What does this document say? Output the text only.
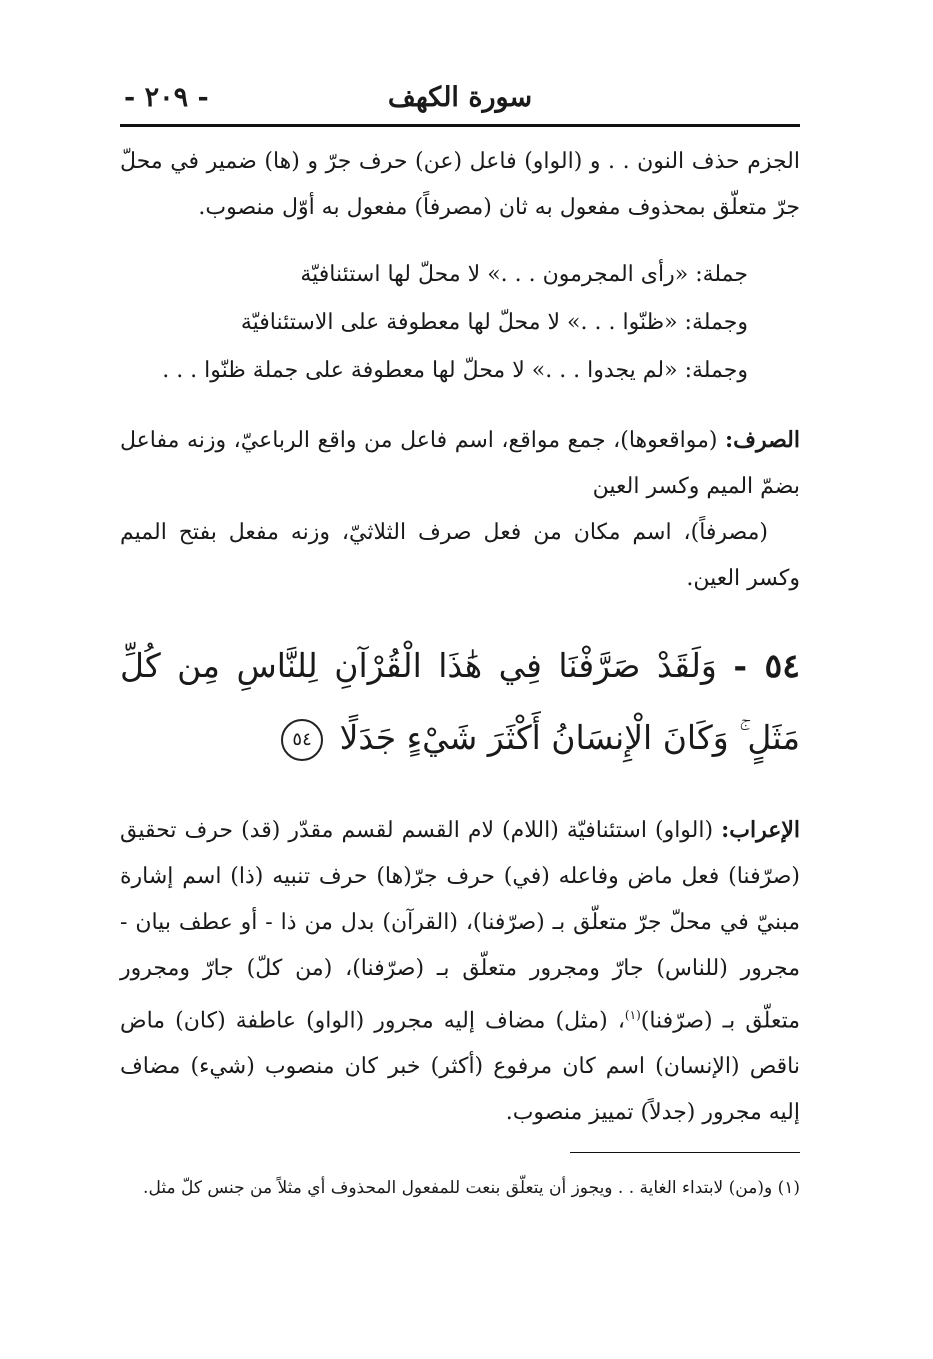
سورة الكهف
- ٢٠٩ -

الجزم حذف النون . . و (الواو) فاعل (عن) حرف جرّ و (ها) ضمير في محلّ جرّ متعلّق بمحذوف مفعول به ثان (مصرفاً) مفعول به أوّل منصوب.

جملة: «رأى المجرمون . . .» لا محلّ لها استئنافيّة
وجملة: «ظنّوا . . .» لا محلّ لها معطوفة على الاستئنافيّة
وجملة: «لم يجدوا . . .» لا محلّ لها معطوفة على جملة ظنّوا . . .

الصرف: (مواقعوها)، جمع مواقع، اسم فاعل من واقع الرباعيّ، وزنه مفاعل بضمّ الميم وكسر العين

(مصرفاً)، اسم مكان من فعل صرف الثلاثيّ، وزنه مفعل بفتح الميم وكسر العين.

٥٤ - وَلَقَدْ صَرَّفْنَا فِي هَٰذَا الْقُرْآنِ لِلنَّاسِ مِن كُلِّ مَثَلٍ ۚ وَكَانَ الْإِنسَانُ أَكْثَرَ شَيْءٍ جَدَلًا ٥٤

الإعراب: (الواو) استئنافيّة (اللام) لام القسم لقسم مقدّر (قد) حرف تحقيق (صرّفنا) فعل ماض وفاعله (في) حرف جرّ(ها) حرف تنبيه (ذا) اسم إشارة مبنيّ في محلّ جرّ متعلّق بـ (صرّفنا)، (القرآن) بدل من ذا - أو عطف بيان - مجرور (للناس) جارّ ومجرور متعلّق بـ (صرّفنا)، (من كلّ) جارّ ومجرور متعلّق بـ (صرّفنا)$^{(١)}$، (مثل) مضاف إليه مجرور (الواو) عاطفة (كان) ماض ناقص (الإنسان) اسم كان مرفوع (أكثر) خبر كان منصوب (شيء) مضاف إليه مجرور (جدلاً) تمييز منصوب.

(١) و(من) لابتداء الغاية . . ويجوز أن يتعلّق بنعت للمفعول المحذوف أي مثلاً من جنس كلّ مثل.
